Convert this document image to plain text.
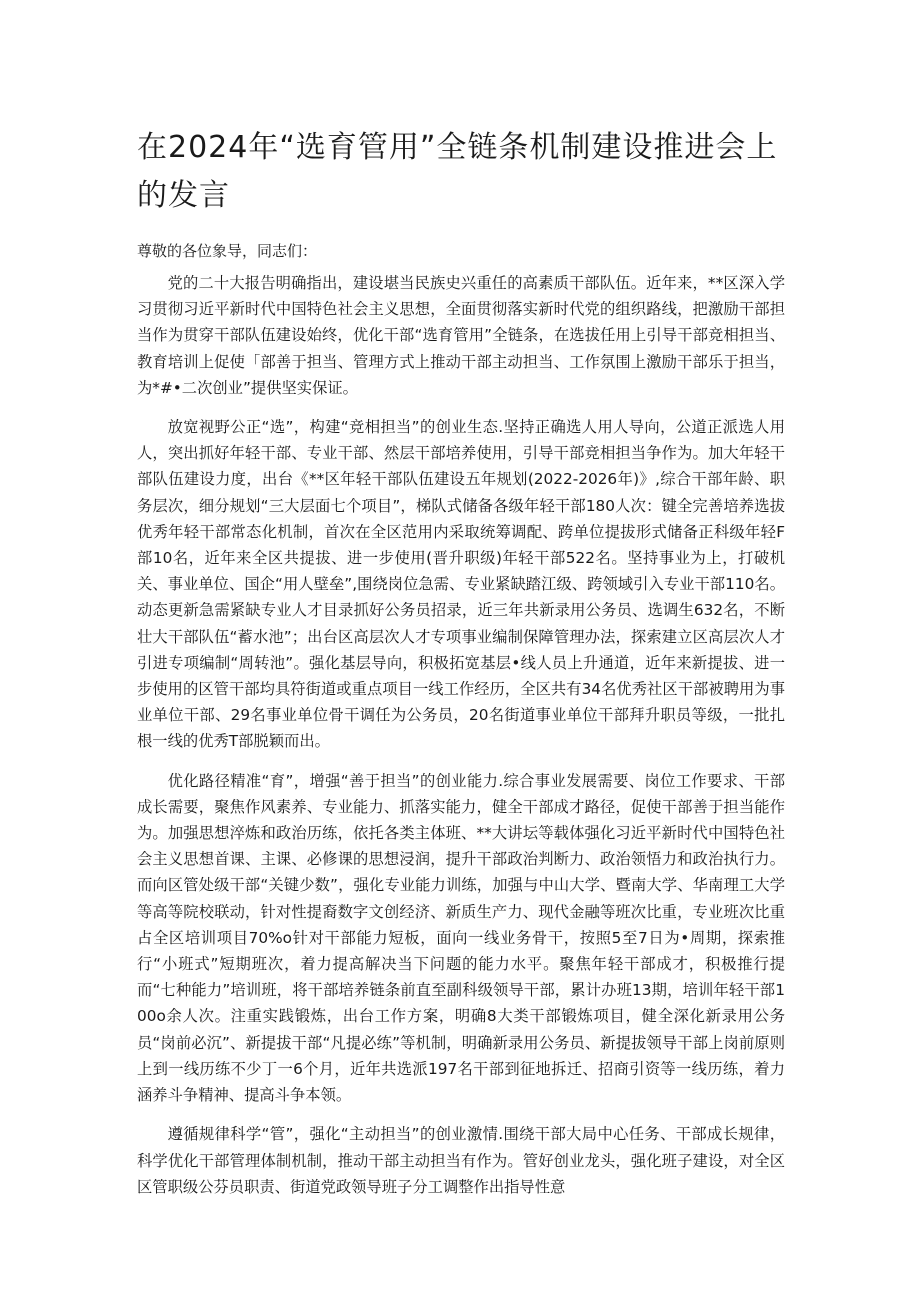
在2024年“选育管用”全链条机制建设推进会上的发言

尊敬的各位象导，同志们：

党的二十大报告明确指出，建设堪当民族史兴重任的高素质干部队伍。近年来，**区深入学习贯彻习近平新时代中国特色社会主义思想，全面贯彻落实新时代党的组织路线，把激励干部担当作为贯穿干部队伍建设始终，优化干部“选育管用”全链条，在选拔任用上引导干部竞相担当、教育培训上促使「部善于担当、管理方式上推动干部主动担当、工作氛围上激励干部乐于担当，为*#•二次创业”提供坚实保证。

放宽视野公正“选”，构建“竞相担当”的创业生态.坚持正确选人用人导向，公道正派选人用人，突出抓好年轻干部、专业干部、然层干部培养使用，引导干部竞相担当争作为。加大年轻干部队伍建设力度，出台《**区年轻干部队伍建设五年规划(2022-2026年)》,综合干部年龄、职务层次，细分规划“三大层面七个项目”，梯队式储备各级年轻干部180人次：键全完善培养选拔优秀年轻干部常态化机制，首次在全区范用内采取统筹调配、跨单位提拔形式储备正科级年轻F部10名，近年来全区共提拔、进一步使用(晋升职级)年轻干部522名。坚持事业为上，打破机关、事业单位、国企“用人壁垒”,围绕岗位急需、专业紧缺踏江级、跨领域引入专业干部110名。动态更新急需紧缺专业人才目录抓好公务员招录，近三年共新录用公务员、选调生632名，不断壮大干部队伍“蓄水池”；出台区高层次人才专项事业编制保障管理办法，探索建立区高层次人才引进专项编制“周转池”。强化基层导向，积极拓宽基层•线人员上升通道，近年来新提拔、进一步使用的区管干部均具符街道或重点项目一线工作经历，全区共有34名优秀社区干部被聘用为事业单位干部、29名事业单位骨干调任为公务员，20名街道事业单位干部拜升职员等级，一批扎根一线的优秀T部脱颖而出。

优化路径精准“育”，增强“善于担当”的创业能力.综合事业发展需要、岗位工作要求、干部成长需要，聚焦作风素养、专业能力、抓落实能力，健全干部成才路径，促使干部善于担当能作为。加强思想淬炼和政治历练，依托各类主体班、**大讲坛等载体强化习近平新时代中国特色社会主义思想首课、主课、必修课的思想浸润，提升干部政治判断力、政治领悟力和政治执行力。而向区管处级干部“关键少数”，强化专业能力训练，加强与中山大学、暨南大学、华南理工大学等高等院校联动，针对性提裔数字文创经济、新质生产力、现代金融等班次比重，专业班次比重占全区培训项目70%o针对干部能力短板，面向一线业务骨干，按照5至7日为•周期，探索推行“小班式”短期班次，着力提高解决当下问题的能力水平。聚焦年轻干部成才，积极推行提而“七种能力”培训班，将干部培养链条前直至副科级领导干部，累计办班13期，培训年轻干部100o余人次。注重实践锻炼，出台工作方案，明确8大类干部锻炼项目，健全深化新录用公务员“岗前必沉”、新提拔干部“凡提必练”等机制，明确新录用公务员、新提拔领导干部上岗前原则上到一线历练不少丁一6个月，近年共选派197名干部到征地拆迁、招商引资等一线历练，着力涵养斗争精神、提高斗争本领。

遵循规律科学“管”，强化“主动担当”的创业激情.围绕干部大局中心任务、干部成长规律，科学优化干部管理体制机制，推动干部主动担当有作为。管好创业龙头，强化班子建设，对全区区管职级公芬员职责、街道党政领导班子分工调整作出指导性意
